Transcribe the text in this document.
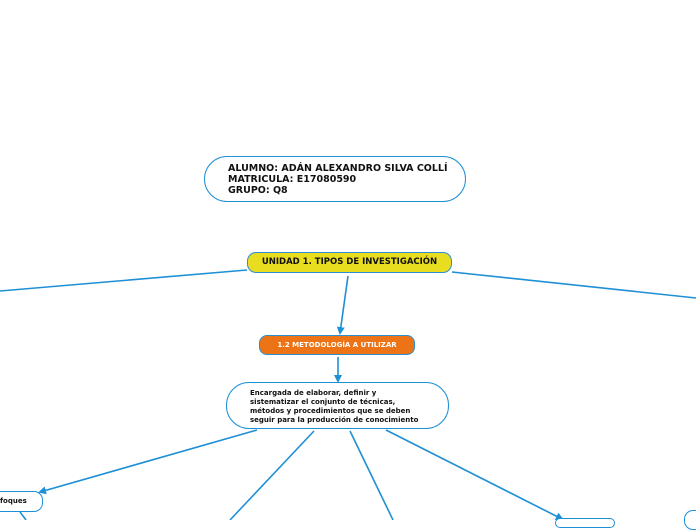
ALUMNO: ADÁN ALEXANDRO SILVA COLLÍ
MATRICULA: E17080590
GRUPO: Q8
UNIDAD 1. TIPOS DE INVESTIGACIÓN
1.2 METODOLOGÍA A UTILIZAR
Encargada de elaborar, definir y
sistematizar el conjunto de técnicas,
métodos y procedimientos que se deben
seguir para la producción de conocimiento
foques
